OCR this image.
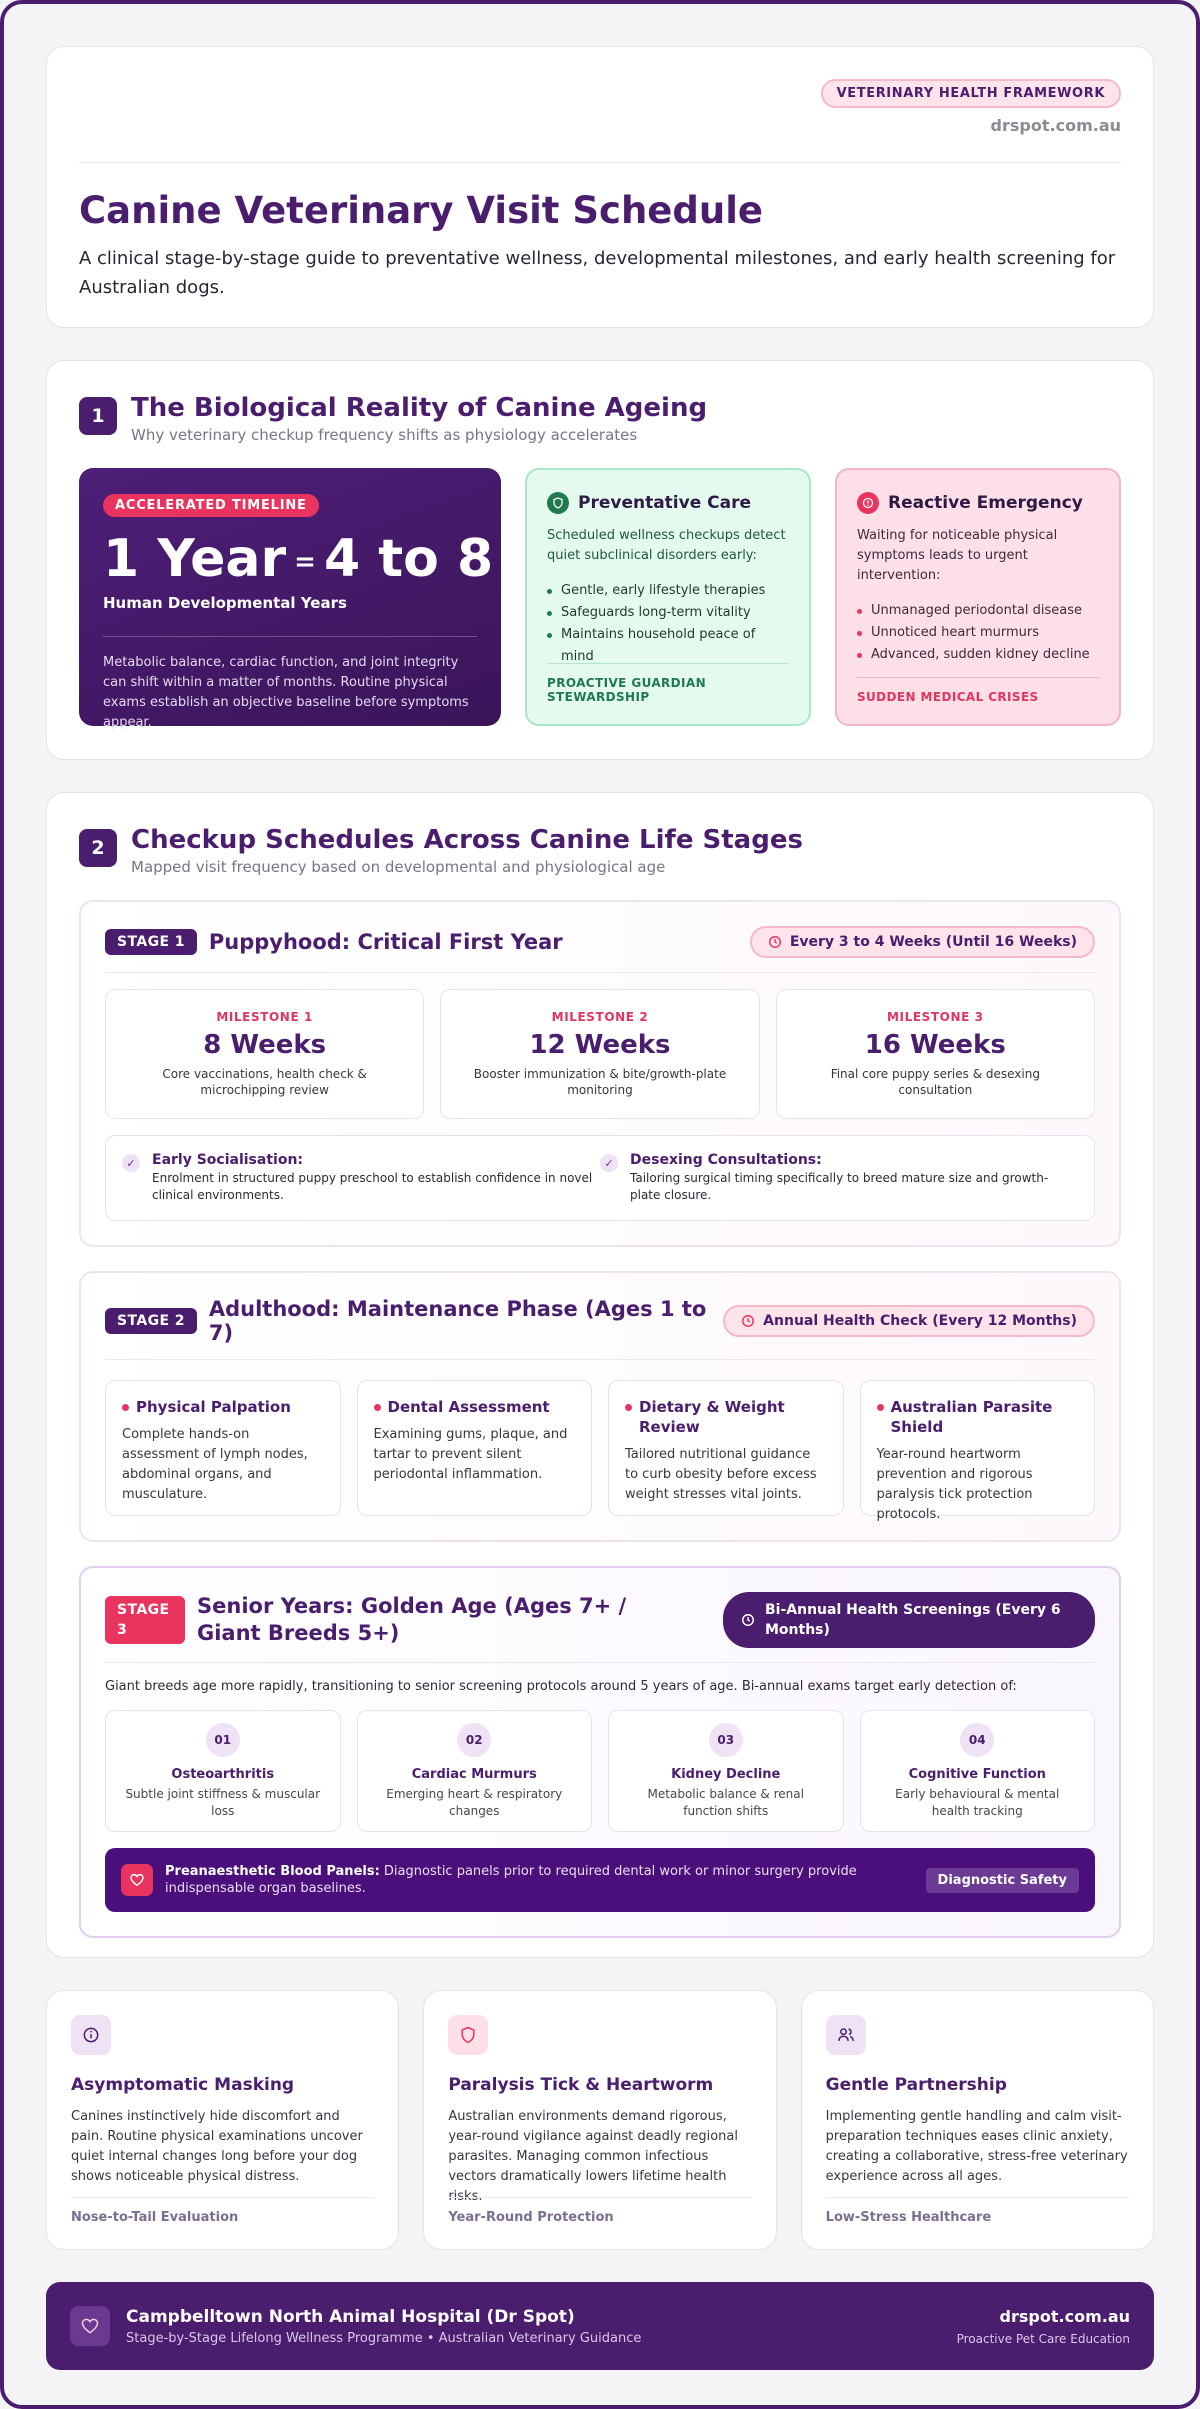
VETERINARY HEALTH FRAMEWORK
drspot.com.au
Canine Veterinary Visit Schedule

A clinical stage-by-stage guide to preventative wellness, developmental milestones, and early health screening for Australian dogs.

1	The Biological Reality of Canine Ageing
Why veterinary checkup frequency shifts as physiology accelerates
ACCELERATED TIMELINE
1 Year = 4 to 8
Human Developmental Years

Metabolic balance, cardiac function, and joint integrity can shift within a matter of months. Routine physical exams establish an objective baseline before symptoms appear.

Preventative Care

Scheduled wellness checkups detect quiet subclinical disorders early:

Gentle, early lifestyle therapies
Safeguards long-term vitality
Maintains household peace of mind
PROACTIVE GUARDIAN STEWARDSHIP
Reactive Emergency

Waiting for noticeable physical symptoms leads to urgent intervention:

Unmanaged periodontal disease
Unnoticed heart murmurs
Advanced, sudden kidney decline
SUDDEN MEDICAL CRISES
2	Checkup Schedules Across Canine Life Stages
Mapped visit frequency based on developmental and physiological age
STAGE 1	Puppyhood: Critical First Year	Every 3 to 4 Weeks (Until 16 Weeks)
MILESTONE 1
8 Weeks
Core vaccinations, health check & microchipping review
MILESTONE 2
12 Weeks
Booster immunization & bite/growth-plate monitoring
MILESTONE 3
16 Weeks
Final core puppy series & desexing consultation
✓	Early Socialisation:
Enrolment in structured puppy preschool to establish confidence in novel clinical environments.
✓	Desexing Consultations:
Tailoring surgical timing specifically to breed mature size and growth-plate closure.
STAGE 2	Adulthood: Maintenance Phase (Ages 1 to 7)	Annual Health Check (Every 12 Months)
Physical Palpation
Complete hands-on assessment of lymph nodes, abdominal organs, and musculature.
Dental Assessment
Examining gums, plaque, and tartar to prevent silent periodontal inflammation.
Dietary & Weight Review
Tailored nutritional guidance to curb obesity before excess weight stresses vital joints.
Australian Parasite Shield
Year-round heartworm prevention and rigorous paralysis tick protection protocols.
STAGE 3
Senior Years: Golden Age (Ages 7+ / Giant Breeds 5+)
Bi-Annual Health Screenings (Every 6 Months)

Giant breeds age more rapidly, transitioning to senior screening protocols around 5 years of age. Bi-annual exams target early detection of:

01
Osteoarthritis
Subtle joint stiffness & muscular loss
02
Cardiac Murmurs
Emerging heart & respiratory changes
03
Kidney Decline
Metabolic balance & renal function shifts
04
Cognitive Function
Early behavioural & mental health tracking

Preanaesthetic Blood Panels: Diagnostic panels prior to required dental work or minor surgery provide indispensable organ baselines.

Diagnostic Safety
Asymptomatic Masking

Canines instinctively hide discomfort and pain. Routine physical examinations uncover quiet internal changes long before your dog shows noticeable physical distress.

Nose-to-Tail Evaluation
Paralysis Tick & Heartworm

Australian environments demand rigorous, year-round vigilance against deadly regional parasites. Managing common infectious vectors dramatically lowers lifetime health risks.

Year-Round Protection
Gentle Partnership

Implementing gentle handling and calm visit-preparation techniques eases clinic anxiety, creating a collaborative, stress-free veterinary experience across all ages.

Low-Stress Healthcare
Campbelltown North Animal Hospital (Dr Spot)
Stage-by-Stage Lifelong Wellness Programme • Australian Veterinary Guidance
drspot.com.au
Proactive Pet Care Education
